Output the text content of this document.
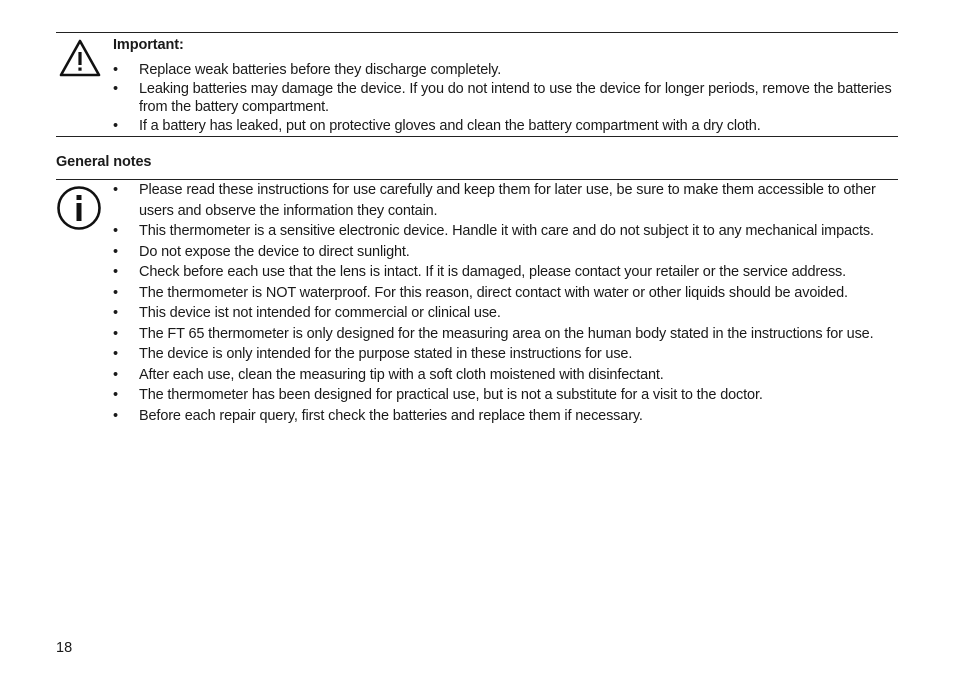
Important:
• Replace weak batteries before they discharge completely.
• Leaking batteries may damage the device. If you do not intend to use the device for longer periods, remove the batteries from the battery compartment.
• If a battery has leaked, put on protective gloves and clean the battery compartment with a dry cloth.
General notes
• Please read these instructions for use carefully and keep them for later use, be sure to make them accessible to other users and observe the information they contain.
• This thermometer is a sensitive electronic device. Handle it with care and do not subject it to any mechanical impacts.
• Do not expose the device to direct sunlight.
• Check before each use that the lens is intact. If it is damaged, please contact your retailer or the service address.
• The thermometer is NOT waterproof. For this reason, direct contact with water or other liquids should be avoided.
• This device ist not intended for commercial or clinical use.
• The FT 65 thermometer is only designed for the measuring area on the human body stated in the instructions for use.
• The device is only intended for the purpose stated in these instructions for use.
• After each use, clean the measuring tip with a soft cloth moistened with disinfectant.
• The thermometer has been designed for practical use, but is not a substitute for a visit to the doctor.
• Before each repair query, first check the batteries and replace them if necessary.
18
